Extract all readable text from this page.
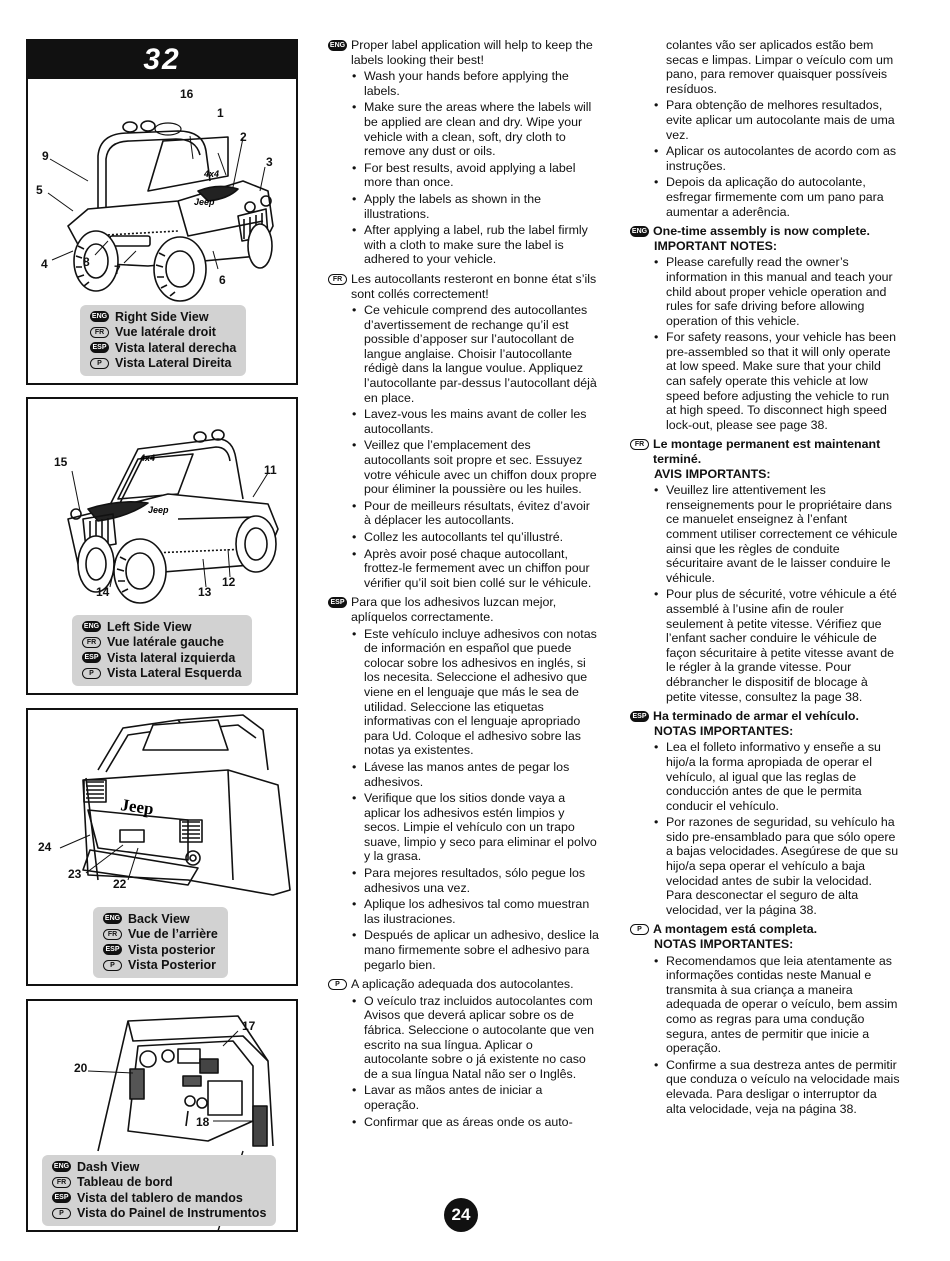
32
4x4
Jeep
16
1
2
3
9
5
4	8
7
6
ENG Right Side View
FR Vue latérale droit
ESP Vista lateral derecha
P	Vista Lateral Direita
4x4
Jeep
15
11
14	13
12
ENG Left Side View
FR Vue latérale gauche
ESP Vista lateral izquierda
P	Vista Lateral Esquerda
Jeep
24
23
22
ENG Back View
FR Vue de l’arrière
ESP Vista posterior
P	Vista Posterior
17
20
18
ENG Dash View
FR Tableau de bord
ESP Vista del tablero de mandos
P	Vista do Painel de Instrumentos
ENG Proper label application will help to keep the labels looking their best!
• Wash your hands before applying the labels.
• Make sure the areas where the labels will be applied are clean and dry. Wipe your vehicle with a clean, soft, dry cloth to remove any dust or oils.
• For best results, avoid applying a label more than once.
• Apply the labels as shown in the illustrations.
• After applying a label, rub the label firmly with a cloth to make sure the label is adhered to your vehicle.
FR Les autocollants resteront en bonne état s’ils sont collés correctement!
• Ce vehicule comprend des autocollantes d’avertissement de rechange qu’il est possible d’apposer sur l’autocollant de langue anglaise. Choisir l’autocollante rédigè dans la langue voulue. Appliquez l’autocollante par-dessus l’autocollant déjà en place.
• Lavez-vous les mains avant de coller les autocollants.
• Veillez que l’emplacement des autocollants soit propre et sec. Essuyez votre véhicule avec un chiffon doux propre pour éliminer la poussière ou les huiles.
• Pour de meilleurs résultats, évitez d’avoir à déplacer les autocollants.
• Collez les autocollants tel qu’illustré.
• Après avoir posé chaque autocollant, frottez-le fermement avec un chiffon pour vérifier qu’il soit bien collé sur le véhicule.
ESP Para que los adhesivos luzcan mejor, aplíquelos correctamente.
• Este vehículo incluye adhesivos con notas de información en español que puede colocar sobre los adhesivos en inglés, si los necesita. Seleccione el adhesivo que viene en el lenguaje que más le sea de utilidad. Seleccione las etiquetas informativas con el lenguaje apropriado para Ud. Coloque el adhesivo sobre las notas ya existentes.
• Lávese las manos antes de pegar los adhesivos.
• Verifique que los sitios donde vaya a aplicar los adhesivos estén limpios y secos. Limpie el vehículo con un trapo suave, limpio y seco para eliminar el polvo y la grasa.
• Para mejores resultados, sólo pegue los adhesivos una vez.
• Aplique los adhesivos tal como muestran las ilustraciones.
• Después de aplicar un adhesivo, deslice la mano firmemente sobre el adhesivo para pegarlo bien.
P A aplicação adequada dos autocolantes.
• O veículo traz incluidos autocolantes com Avisos que deverá aplicar sobre os de fábrica. Seleccione o autocolante que ven escrito na sua língua. Aplicar o autocolante sobre o já existente no caso de a sua língua Natal não ser o Inglês.
• Lavar as mãos antes de iniciar a operação.
• Confirmar que as áreas onde os auto-
colantes vão ser aplicados estão bem secas e limpas. Limpar o veículo com um pano, para remover quaisquer possíveis resíduos.
• Para obtenção de melhores resultados, evite aplicar um autocolante mais de uma vez.
• Aplicar os autocolantes de acordo com as instruções.
• Depois da aplicação do autocolante, esfregar firmemente com um pano para aumentar a aderência.
ENG One-time assembly is now complete.
IMPORTANT NOTES:
• Please carefully read the owner’s information in this manual and teach your child about proper vehicle operation and rules for safe driving before allowing operation of this vehicle.
• For safety reasons, your vehicle has been pre-assembled so that it will only operate at low speed. Make sure that your child can safely operate this vehicle at low speed before adjusting the vehicle to run at high speed. To disconnect high speed lock-out, please see page 38.
FR Le montage permanent est maintenant terminé.
AVIS IMPORTANTS:
• Veuillez lire attentivement les renseignements pour le propriétaire dans ce manuelet enseignez à l’enfant comment utiliser correctement ce véhicule ainsi que les règles de conduite sécuritaire avant de le laisser conduire le véhicule.
• Pour plus de sécurité, votre véhicule a été assemblé à l’usine afin de rouler seulement à petite vitesse. Vérifiez que l’enfant sacher conduire le véhicule de façon sécuritaire à petite vitesse avant de le régler à la grande vitesse. Pour débrancher le dispositif de blocage à petite vitesse, consultez la page 38.
ESP Ha terminado de armar el vehículo.
NOTAS IMPORTANTES:
• Lea el folleto informativo y enseñe a su hijo/a la forma apropiada de operar el vehículo, al igual que las reglas de conducción antes de que le permita conducir el vehículo.
• Por razones de seguridad, su vehículo ha sido pre-ensamblado para que sólo opere a bajas velocidades. Asegúrese de que su hijo/a sepa operar el vehículo a baja velocidad antes de subir la velocidad. Para desconectar el seguro de alta velocidad, ver la página 38.
P A montagem está completa.
NOTAS IMPORTANTES:
• Recomendamos que leia atentamente as informações contidas neste Manual e transmita à sua criança a maneira adequada de operar o veículo, bem assim como as regras para uma condução segura, antes de permitir que inicie a operação.
• Confirme a sua destreza antes de permitir que conduza o veículo na velocidade mais elevada. Para desligar o interruptor da alta velocidade, veja na página 38.
24
